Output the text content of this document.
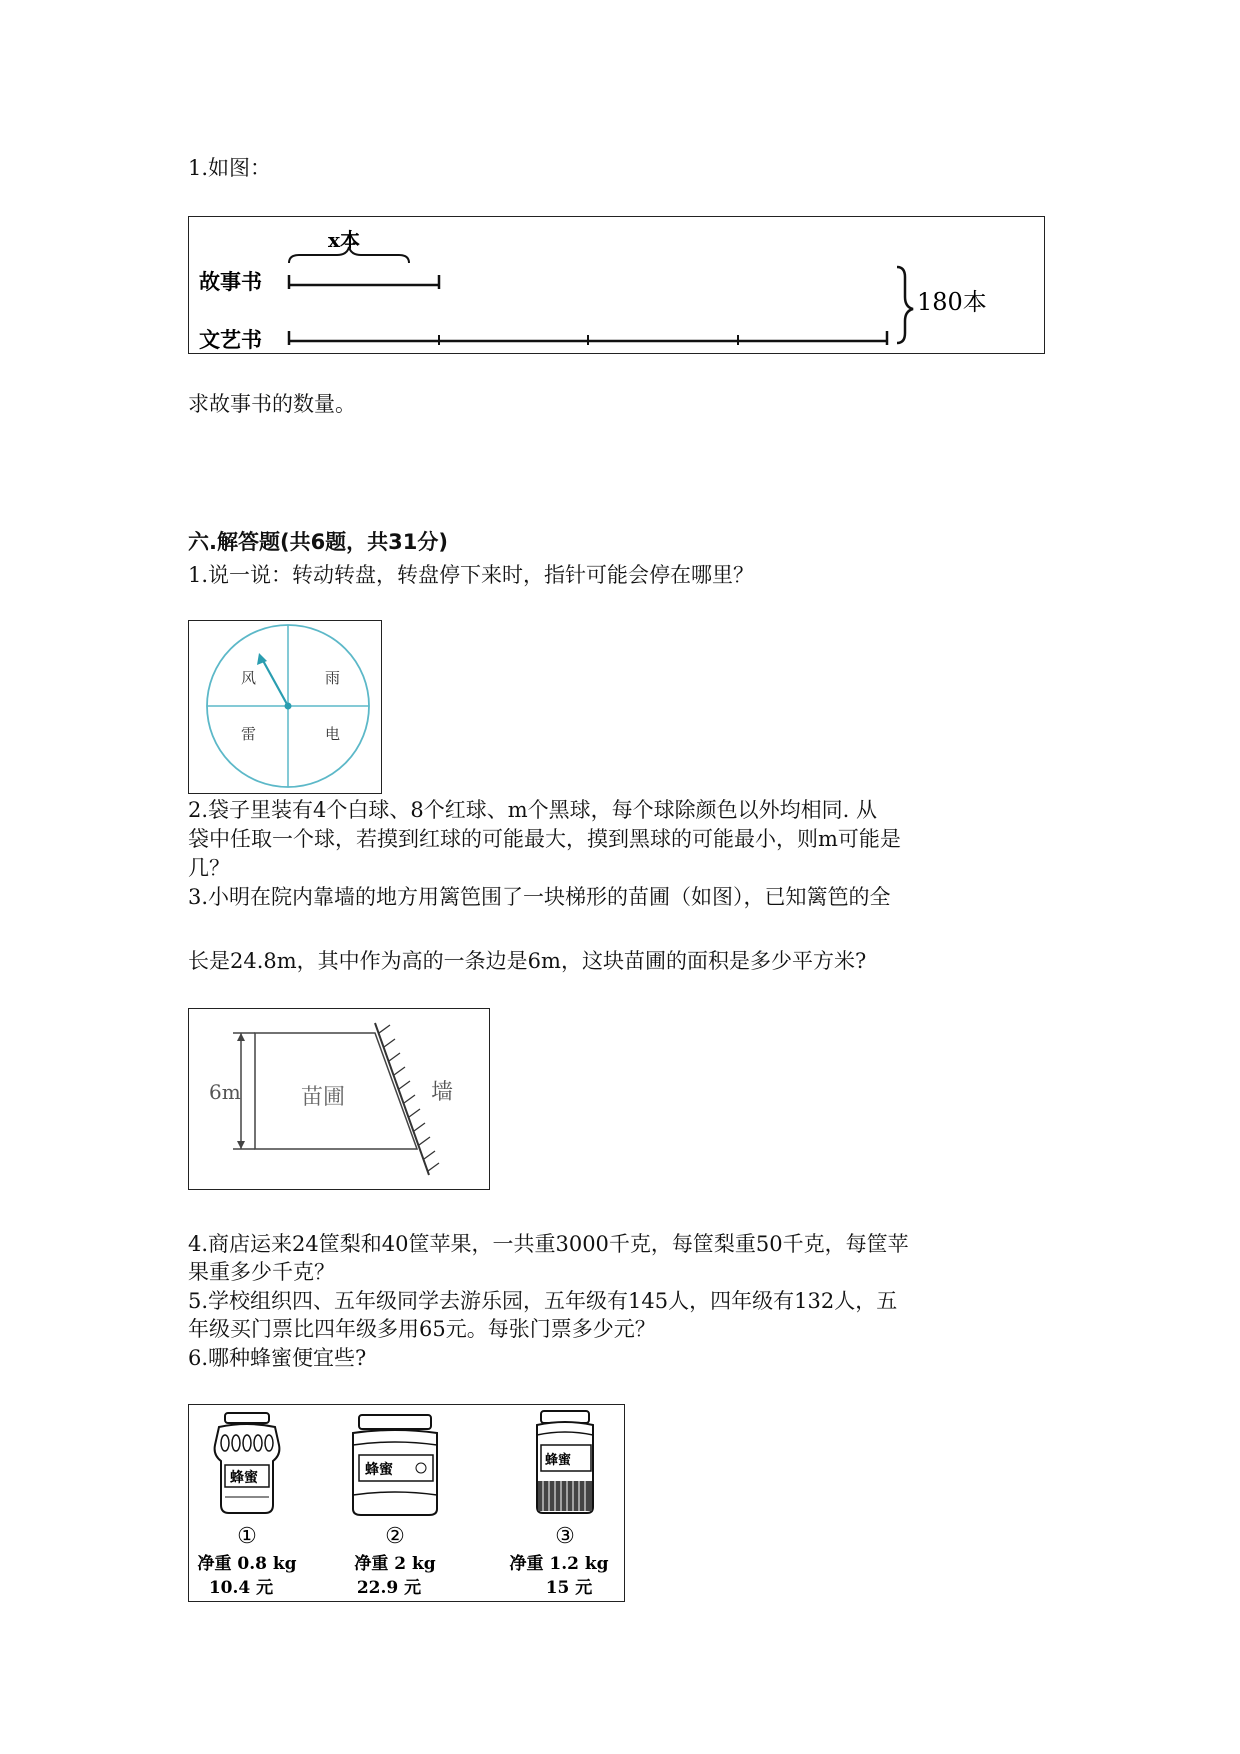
1.如图：
x本
故事书
文艺书
180本
求故事书的数量。
六.解答题(共6题，共31分)
1.说一说：转动转盘，转盘停下来时，指针可能会停在哪里？
风	雨
雷	电
2.袋子里装有4个白球、8个红球、m个黑球，每个球除颜色以外均相同. 从
袋中任取一个球，若摸到红球的可能最大，摸到黑球的可能最小，则m可能是
几？
3.小明在院内靠墙的地方用篱笆围了一块梯形的苗圃（如图），已知篱笆的全
长是24.8m，其中作为高的一条边是6m，这块苗圃的面积是多少平方米?
6m	苗圃	墙
4.商店运来24筐梨和40筐苹果，一共重3000千克，每筐梨重50千克，每筐苹
果重多少千克？
5.学校组织四、五年级同学去游乐园，五年级有145人，四年级有132人，五
年级买门票比四年级多用65元。每张门票多少元？
6.哪种蜂蜜便宜些?
蜂蜜	蜂蜜
蜂蜜
①	②	③
净重 0.8 kg	净重 2 kg	净重 1.2 kg
10.4 元	22.9 元	15 元
